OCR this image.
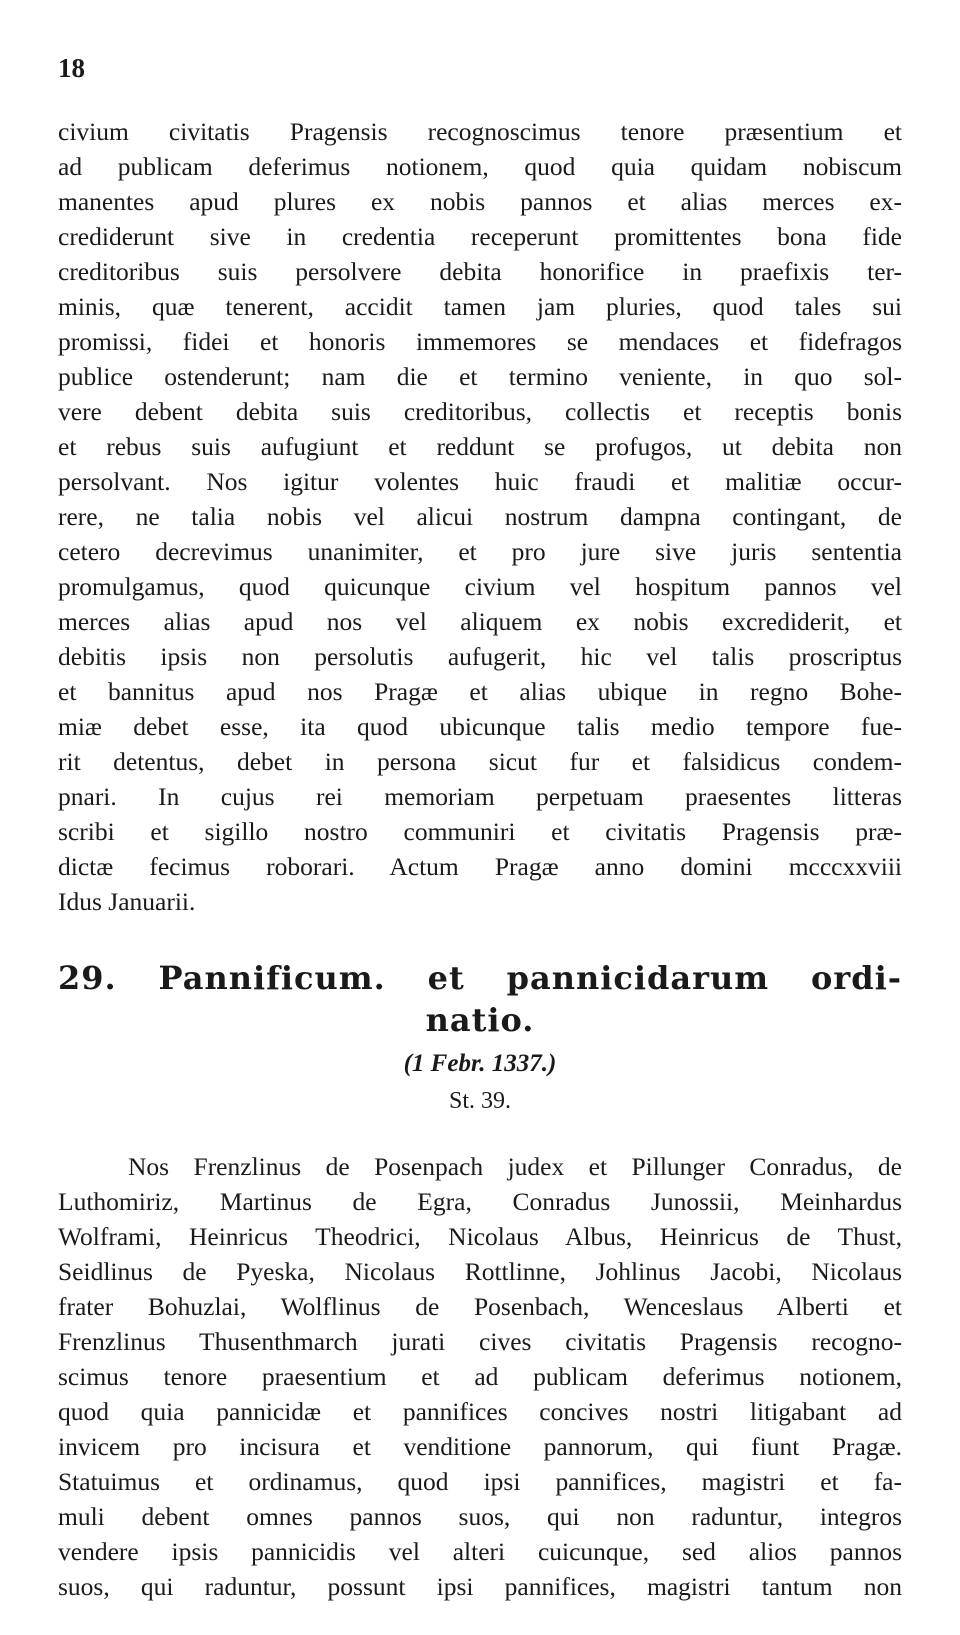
18
civium civitatis Pragensis recognoscimus tenore præsentium et
ad publicam deferimus notionem, quod quia quidam nobiscum
manentes apud plures ex nobis pannos et alias merces ex-
crediderunt sive in credentia receperunt promittentes bona fide
creditoribus suis persolvere debita honorifice in praefixis ter-
minis, quæ tenerent, accidit tamen jam pluries, quod tales sui
promissi, fidei et honoris immemores se mendaces et fidefragos
publice ostenderunt; nam die et termino veniente, in quo sol-
vere debent debita suis creditoribus, collectis et receptis bonis
et rebus suis aufugiunt et reddunt se profugos, ut debita non
persolvant. Nos igitur volentes huic fraudi et malitiæ occur-
rere, ne talia nobis vel alicui nostrum dampna contingant, de
cetero decrevimus unanimiter, et pro jure sive juris sententia
promulgamus, quod quicunque civium vel hospitum pannos vel
merces alias apud nos vel aliquem ex nobis excrediderit, et
debitis ipsis non persolutis aufugerit, hic vel talis proscriptus
et bannitus apud nos Pragæ et alias ubique in regno Bohe-
miæ debet esse, ita quod ubicunque talis medio tempore fue-
rit detentus, debet in persona sicut fur et falsidicus condem-
pnari. In cujus rei memoriam perpetuam praesentes litteras
scribi et sigillo nostro communiri et civitatis Pragensis præ-
dictæ fecimus roborari. Actum Pragæ anno domini mcccxxviii
Idus Januarii.
29. Pannificum. et pannicidarum ordi-
natio.
(1 Febr. 1337.)
St. 39.
Nos Frenzlinus de Posenpach judex et Pillunger Conradus, de
Luthomiriz, Martinus de Egra, Conradus Junossii, Meinhardus
Wolframi, Heinricus Theodrici, Nicolaus Albus, Heinricus de Thust,
Seidlinus de Pyeska, Nicolaus Rottlinne, Johlinus Jacobi, Nicolaus
frater Bohuzlai, Wolflinus de Posenbach, Wenceslaus Alberti et
Frenzlinus Thusenthmarch jurati cives civitatis Pragensis recogno-
scimus tenore praesentium et ad publicam deferimus notionem,
quod quia pannicidæ et pannifices concives nostri litigabant ad
invicem pro incisura et venditione pannorum, qui fiunt Pragæ.
Statuimus et ordinamus, quod ipsi pannifices, magistri et fa-
muli debent omnes pannos suos, qui non raduntur, integros
vendere ipsis pannicidis vel alteri cuicunque, sed alios pannos
suos, qui raduntur, possunt ipsi pannifices, magistri tantum non
